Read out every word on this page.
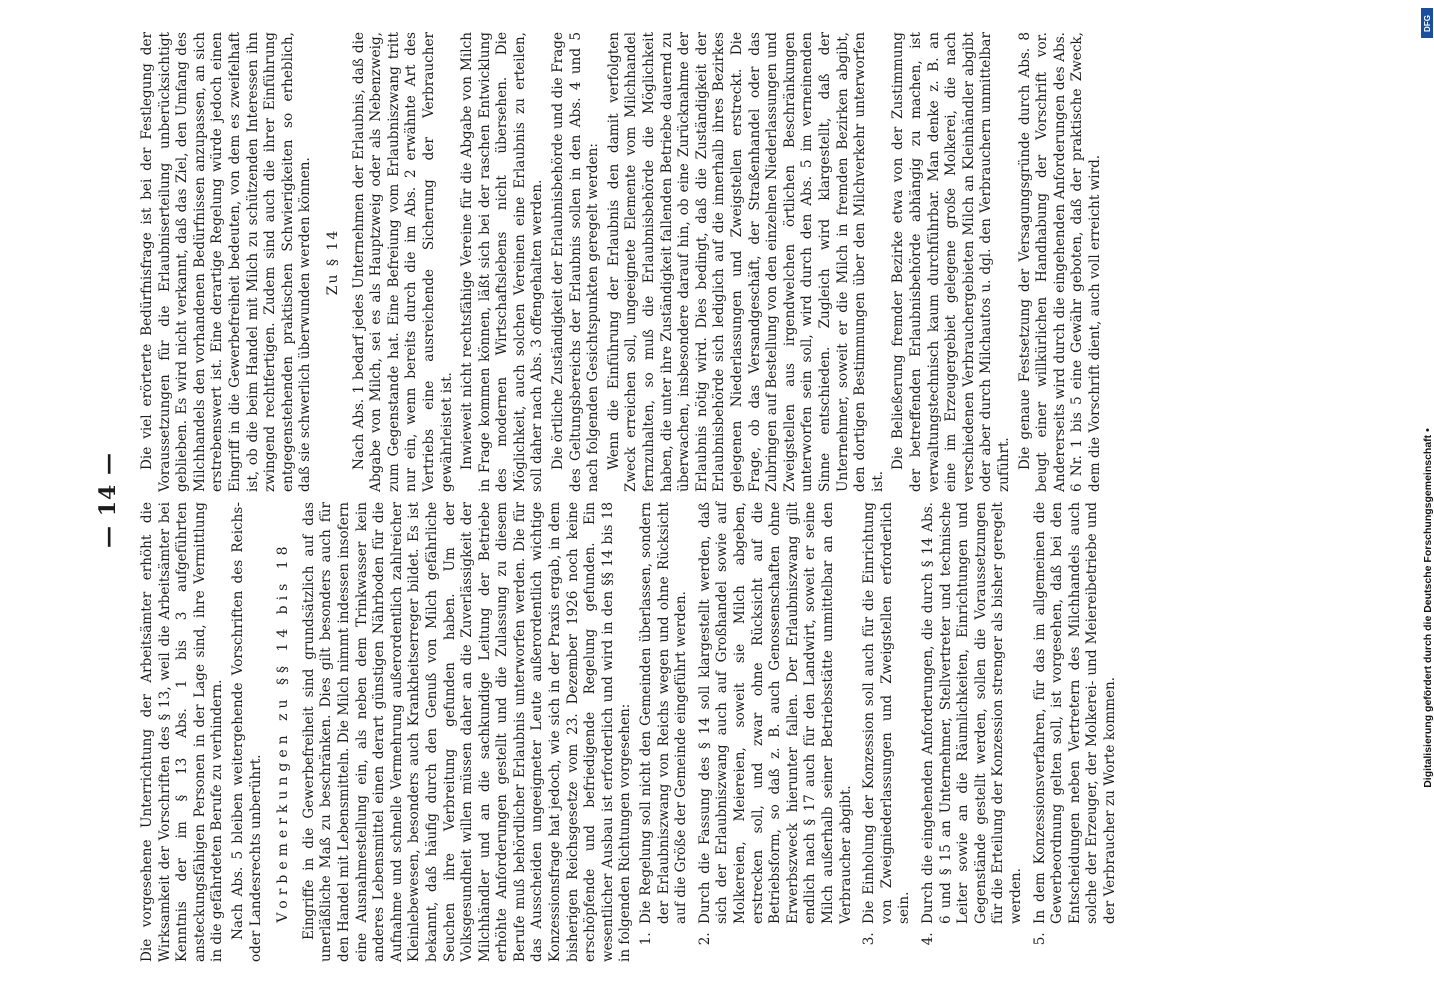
— 14 —

Die vorgesehene Unterrichtung der Arbeitsämter erhöht die Wirksamkeit der Vorschriften des § 13, weil die Arbeitsämter bei Kenntnis der im § 13 Abs. 1 bis 3 aufgeführten ansteckungsfähigen Personen in der Lage sind, ihre Vermittlung in die gefährdeten Berufe zu verhindern. Nach Abs. 5 bleiben weitergehende Vorschriften des Reichs- oder Landesrechts unberührt. Vorbemerkungen zu §§ 14 bis 18 Eingriffe in die Gewerbefreiheit sind grundsätzlich auf das unerläßliche Maß zu beschränken. Dies gilt besonders auch für den Handel mit Lebensmitteln. Die Milch nimmt indessen insofern eine Ausnahmestellung ein, als neben dem Trinkwasser kein anderes Lebensmittel einen derart günstigen Nährboden für die Aufnahme und schnelle Vermehrung außerordentlich zahlreicher Kleinlebewesen, besonders auch Krankheitserreger bildet. Es ist bekannt, daß häufig durch den Genuß von Milch gefährliche Seuchen ihre Verbreitung gefunden haben. Um der Volksgesundheit willen müssen daher an die Zuverlässigkeit der Milchhändler und an die sachkundige Leitung der Betriebe erhöhte Anforderungen gestellt und die Zulassung zu diesem Berufe muß behördlicher Erlaubnis unterworfen werden. Die für das Ausscheiden ungeeigneter Leute außerordentlich wichtige Konzessionsfrage hat jedoch, wie sich in der Praxis ergab, in dem bisherigen Reichsgesetze vom 23. Dezember 1926 noch keine erschöpfende und befriedigende Regelung gefunden. Ein wesentlicher Ausbau ist erforderlich und wird in den §§ 14 bis 18 in folgenden Richtungen vorgesehen: 1. Die Regelung soll nicht den Gemeinden überlassen, sondern der Erlaubniszwang von Reichs wegen und ohne Rücksicht auf die Größe der Gemeinde eingeführt werden. 2. Durch die Fassung des § 14 soll klargestellt werden, daß sich der Erlaubniszwang auch auf Großhandel sowie auf Molkereien, Meiereien, soweit sie Milch abgeben, erstrecken soll, und zwar ohne Rücksicht auf die Betriebsform, so daß z. B. auch Genossenschaften ohne Erwerbszweck hierunter fallen. Der Erlaubniszwang gilt endlich nach § 17 auch für den Landwirt, soweit er seine Milch außerhalb seiner Betriebsstätte unmittelbar an den Verbraucher abgibt. 3. Die Einholung der Konzession soll auch für die Einrichtung von Zweigniederlassungen und Zweigstellen erforderlich sein. 4. Durch die eingehenden Anforderungen, die durch § 14 Abs. 6 und § 15 an Unternehmer, Stellvertreter und technische Leiter sowie an die Räumlichkeiten, Einrichtungen und Gegenstände gestellt werden, sollen die Voraussetzungen für die Erteilung der Konzession strenger als bisher geregelt werden. 5. In dem Konzessionsverfahren, für das im allgemeinen die Gewerbeordnung gelten soll, ist vorgesehen, daß bei den Entscheidungen neben Vertretern des Milchhandels auch solche der Erzeuger, der Molkerei- und Meiereibetriebe und der Verbraucher zu Worte kommen.

Die viel erörterte Bedürfnisfrage ist bei der Festlegung der Voraussetzungen für die Erlaubniserteilung unberücksichtigt geblieben. Es wird nicht verkannt, daß das Ziel, den Umfang des Milchhandels den vorhandenen Bedürfnissen anzupassen, an sich erstrebenswert ist. Eine derartige Regelung würde jedoch einen Eingriff in die Gewerbefreiheit bedeuten, von dem es zweifelhaft ist, ob die beim Handel mit Milch zu schützenden Interessen ihn zwingend rechtfertigen. Zudem sind auch die ihrer Einführung entgegenstehenden praktischen Schwierigkeiten so erheblich, daß sie schwerlich überwunden werden können. Zu § 14 Nach Abs. 1 bedarf jedes Unternehmen der Erlaubnis, daß die Abgabe von Milch, sei es als Hauptzweig oder als Nebenzweig, zum Gegenstande hat. Eine Befreiung vom Erlaubniszwang tritt nur ein, wenn bereits durch die im Abs. 2 erwähnte Art des Vertriebs eine ausreichende Sicherung der Verbraucher gewährleistet ist. Inwieweit nicht rechtsfähige Vereine für die Abgabe von Milch in Frage kommen können, läßt sich bei der raschen Entwicklung des modernen Wirtschaftslebens nicht übersehen. Die Möglichkeit, auch solchen Vereinen eine Erlaubnis zu erteilen, soll daher nach Abs. 3 offengehalten werden. Die örtliche Zuständigkeit der Erlaubnisbehörde und die Frage des Geltungsbereichs der Erlaubnis sollen in den Abs. 4 und 5 nach folgenden Gesichtspunkten geregelt werden: Wenn die Einführung der Erlaubnis den damit verfolgten Zweck erreichen soll, ungeeignete Elemente vom Milchhandel fernzuhalten, so muß die Erlaubnisbehörde die Möglichkeit haben, die unter ihre Zuständigkeit fallenden Betriebe dauernd zu überwachen, insbesondere darauf hin, ob eine Zurücknahme der Erlaubnis nötig wird. Dies bedingt, daß die Zuständigkeit der Erlaubnisbehörde sich lediglich auf die innerhalb ihres Bezirkes gelegenen Niederlassungen und Zweigstellen erstreckt. Die Frage, ob das Versandgeschäft, der Straßenhandel oder das Zubringen auf Bestellung von den einzelnen Niederlassungen und Zweigstellen aus irgendwelchen örtlichen Beschränkungen unterworfen sein soll, wird durch den Abs. 5 im verneinenden Sinne entschieden. Zugleich wird klargestellt, daß der Unternehmer, soweit er die Milch in fremden Bezirken abgibt, den dortigen Bestimmungen über den Milchverkehr unterworfen ist.

Die Beließerung fremder Bezirke etwa von der Zustimmung der betreffenden Erlaubnisbehörde abhängig zu machen, ist verwaltungstechnisch kaum durchführbar. Man denke z. B. an eine im Erzeugergebiet gelegene große Molkerei, die nach verschiedenen Verbrauchergebieten Milch an Kleinhändler abgibt oder aber durch Milchautos u. dgl. den Verbrauchern unmittelbar zuführt. Die genaue Festsetzung der Versagungsgründe durch Abs. 8 beugt einer willkürlichen Handhabung der Vorschrift vor. Andererseits wird durch die eingehenden Anforderungen des Abs. 6 Nr. 1 bis 5 eine Gewähr geboten, daß der praktische Zweck, dem die Vorschrift dient, auch voll erreicht wird.

DFG
Digitalisierung gefördert durch die Deutsche Forschungsgemeinschaft •
